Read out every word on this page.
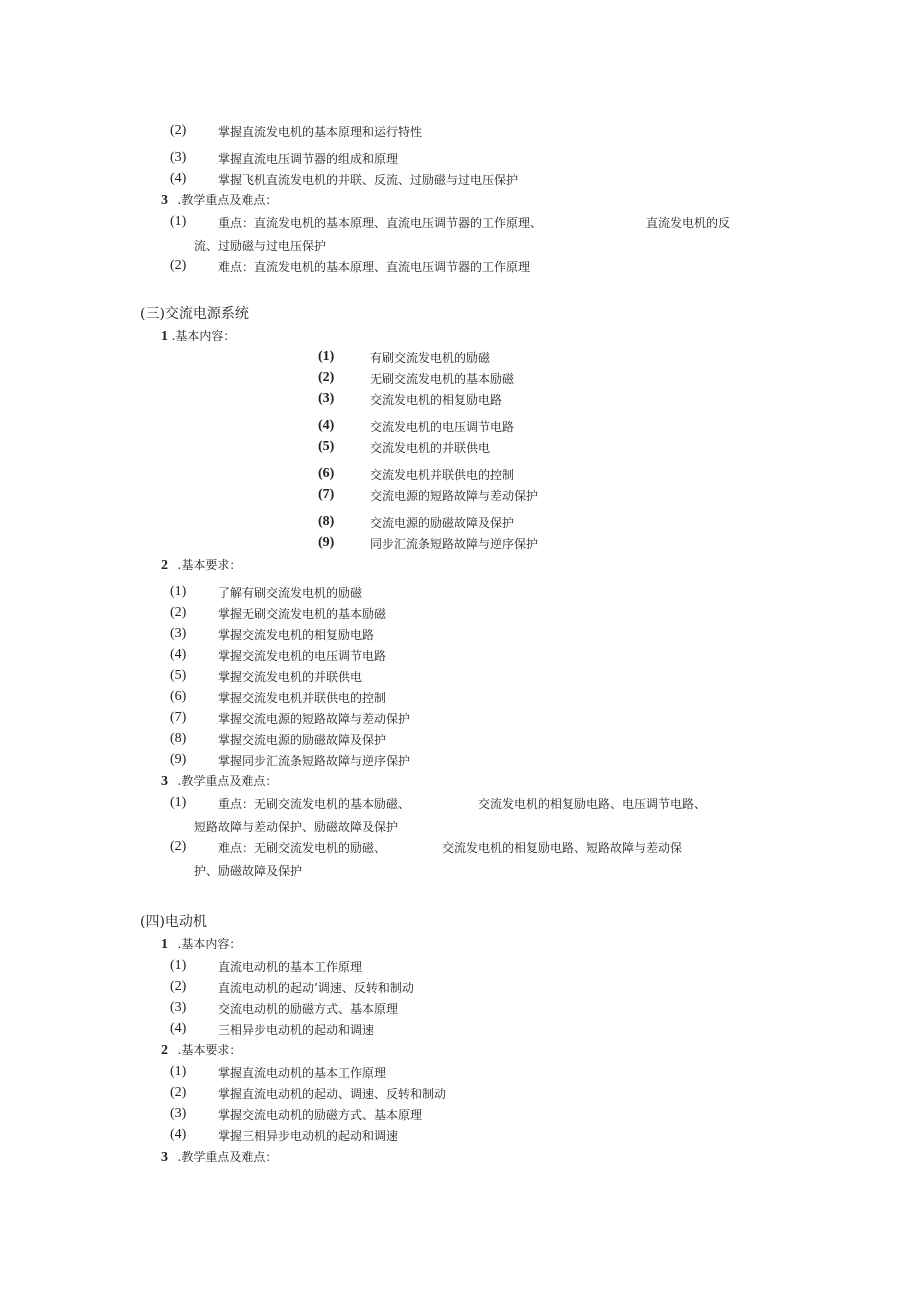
(2)	掌握直流发电机的基本原理和运行特性
(3)	掌握直流电压调节器的组成和原理
(4)	掌握飞机直流发电机的并联、反流、过励磁与过电压保护
3 .教学重点及难点：
(1)	重点：直流发电机的基本原理、直流电压调节器的工作原理、	直流发电机的反
流、过励磁与过电压保护
(2)	难点：直流发电机的基本原理、直流电压调节器的工作原理
(三)交流电源系统
1 .基本内容：
(1)	有刷交流发电机的励磁
(2)	无刷交流发电机的基本励磁
(3)	交流发电机的相复励电路
(4)	交流发电机的电压调节电路
(5)	交流发电机的并联供电
(6)	交流发电机并联供电的控制
(7)	交流电源的短路故障与差动保护
(8)	交流电源的励磁故障及保护
(9)	同步汇流条短路故障与逆序保护
2 .基本要求：
(1)	了解有刷交流发电机的励磁
(2)	掌握无刷交流发电机的基本励磁
(3)	掌握交流发电机的相复励电路
(4)	掌握交流发电机的电压调节电路
(5)	掌握交流发电机的并联供电
(6)	掌握交流发电机并联供电的控制
(7)	掌握交流电源的短路故障与差动保护
(8)	掌握交流电源的励磁故障及保护
(9)	掌握同步汇流条短路故障与逆序保护
3 .教学重点及难点：
(1)	重点：无刷交流发电机的基本励磁、	交流发电机的相复励电路、电压调节电路、
短路故障与差动保护、励磁故障及保护
(2)	难点：无刷交流发电机的励磁、	交流发电机的相复励电路、短路故障与差动保
护、励磁故障及保护
(四)电动机
1 .基本内容：
(1)	直流电动机的基本工作原理
(2)	直流电动机的起动’调速、反转和制动
(3)	交流电动机的励磁方式、基本原理
(4)	三相异步电动机的起动和调速
2 .基本要求：
(1)	掌握直流电动机的基本工作原理
(2)	掌握直流电动机的起动、调速、反转和制动
(3)	掌握交流电动机的励磁方式、基本原理
(4)	掌握三相异步电动机的起动和调速
3 .教学重点及难点：
